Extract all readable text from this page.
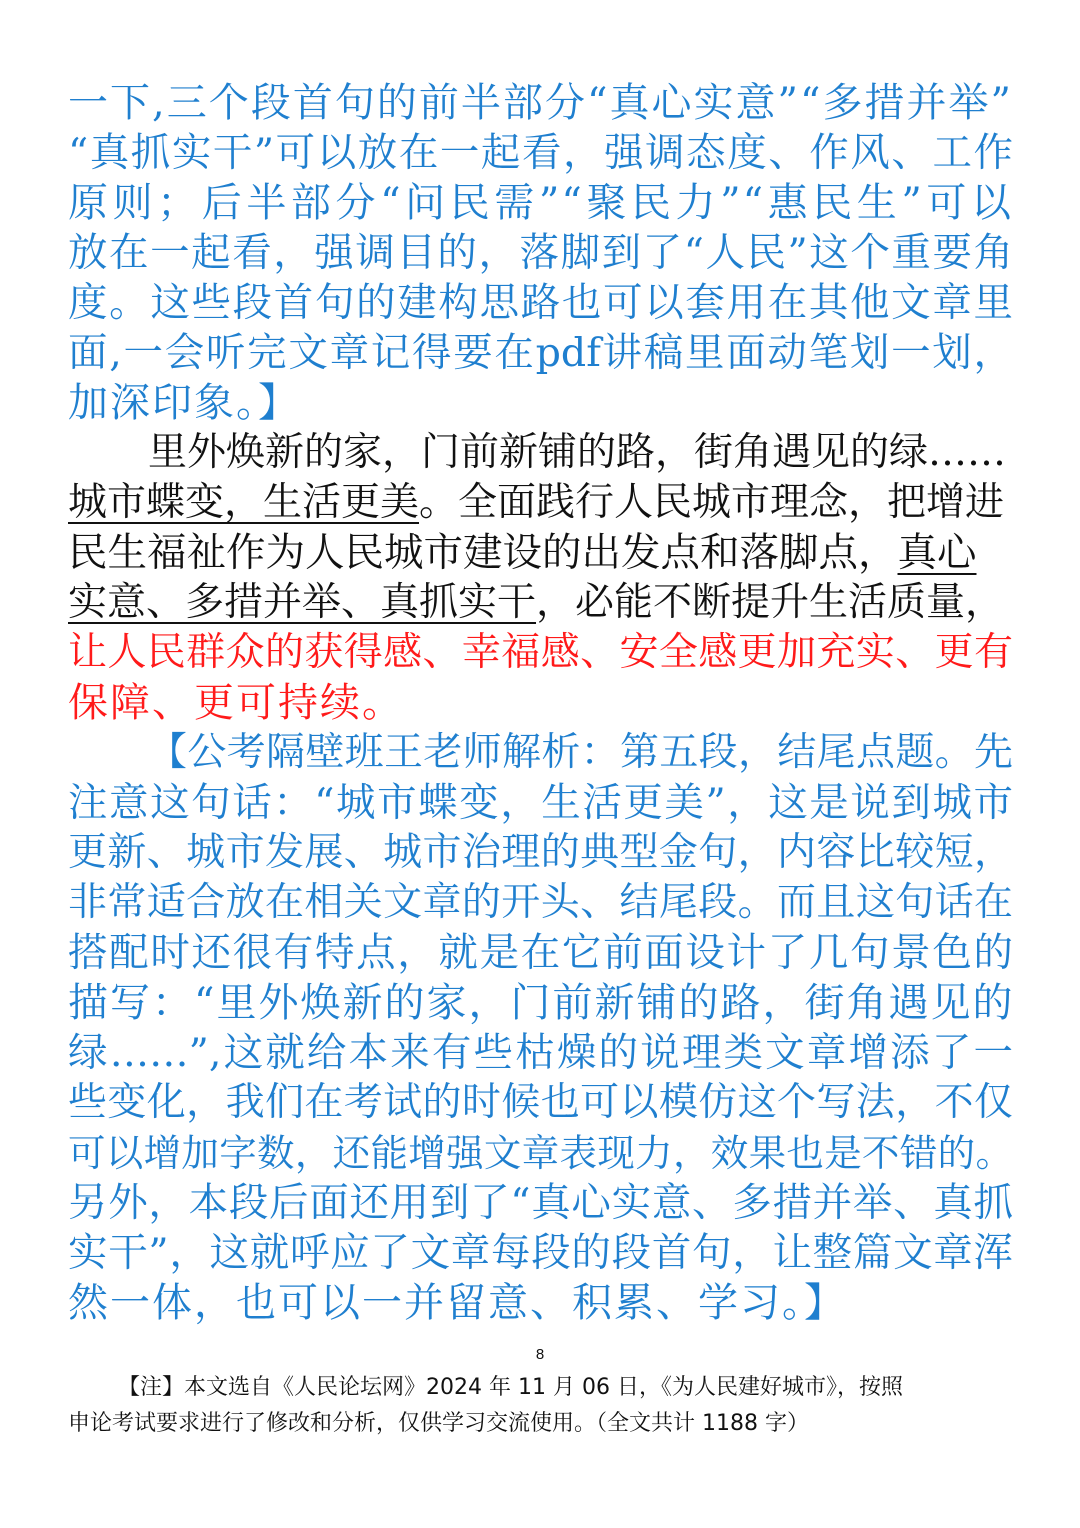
一下,三个段首句的前半部分“真心实意”“多措并举”
“真抓实干”可以放在一起看，强调态度、作风、工作
原则；后半部分“问民需”“聚民力”“惠民生”可以
放在一起看，强调目的，落脚到了“人民”这个重要角
度。这些段首句的建构思路也可以套用在其他文章里
面,一会听完文章记得要在pdf讲稿里面动笔划一划，
加深印象。】
里外焕新的家，门前新铺的路，街角遇见的绿……
城市蝶变，生活更美。全面践行人民城市理念，把增进
民生福祉作为人民城市建设的出发点和落脚点，真心
实意、多措并举、真抓实干，必能不断提升生活质量，
让人民群众的获得感、幸福感、安全感更加充实、更有
保障、更可持续。
【公考隔壁班王老师解析：第五段，结尾点题。先
注意这句话：“城市蝶变，生活更美”，这是说到城市
更新、城市发展、城市治理的典型金句，内容比较短，
非常适合放在相关文章的开头、结尾段。而且这句话在
搭配时还很有特点，就是在它前面设计了几句景色的
描写：“里外焕新的家，门前新铺的路，街角遇见的
绿……”,这就给本来有些枯燥的说理类文章增添了一
些变化，我们在考试的时候也可以模仿这个写法，不仅
可以增加字数，还能增强文章表现力，效果也是不错的。
另外，本段后面还用到了“真心实意、多措并举、真抓
实干”，这就呼应了文章每段的段首句，让整篇文章浑
然一体，也可以一并留意、积累、学习。】
8
【注】本文选自《人民论坛网》2024 年 11 月 06 日，《为人民建好城市》，按照
申论考试要求进行了修改和分析，仅供学习交流使用。（全文共计 1188 字）
